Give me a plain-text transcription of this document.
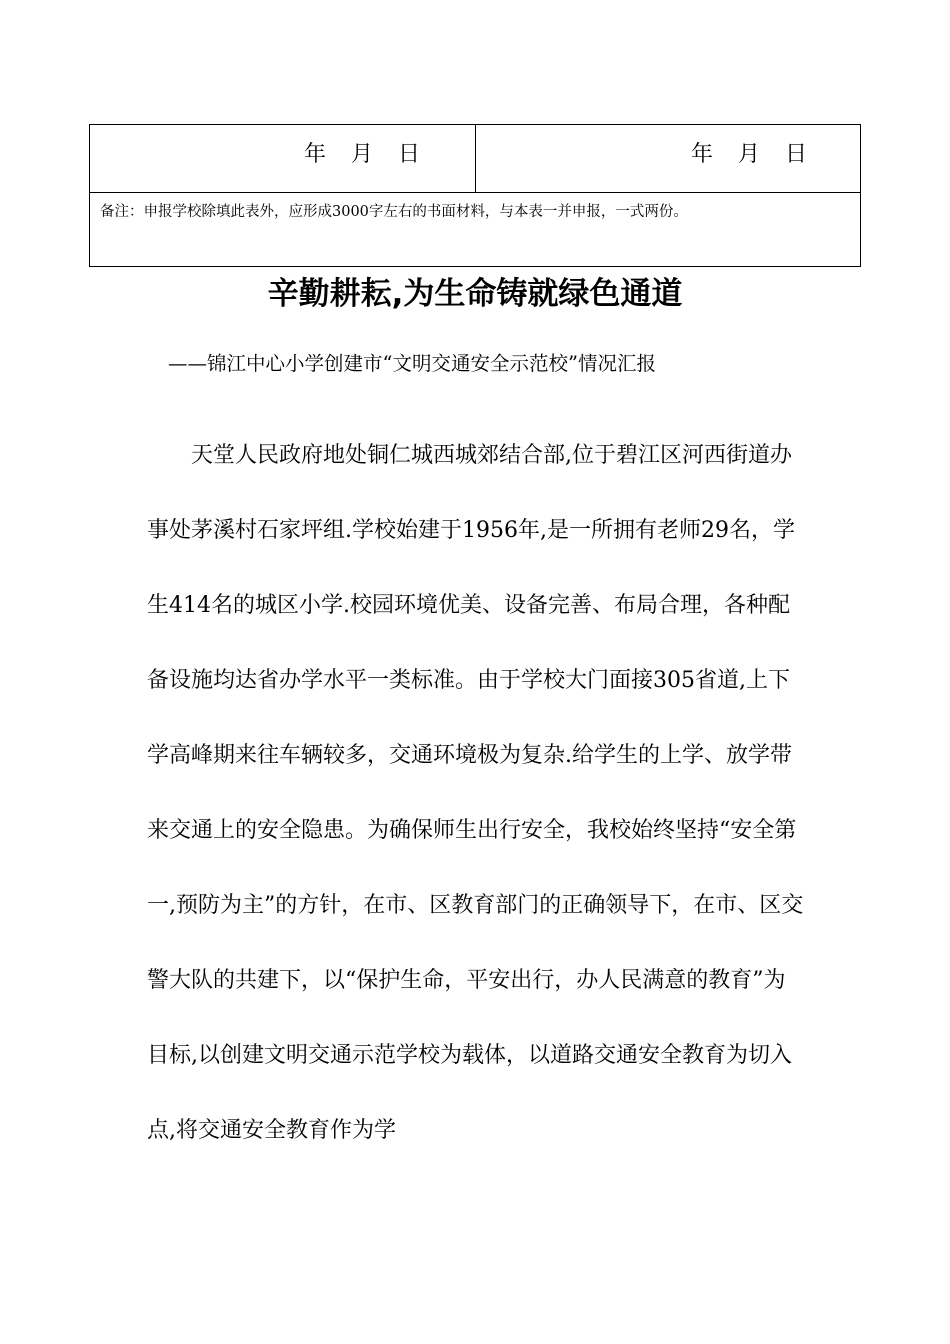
年   月   日	年   月   日
备注：申报学校除填此表外，应形成3000字左右的书面材料，与本表一并申报，一式两份。
辛勤耕耘,为生命铸就绿色通道
——锦江中心小学创建市“文明交通安全示范校”情况汇报

天堂人民政府地处铜仁城西城郊结合部,位于碧江区河西街道办事处茅溪村石家坪组.学校始建于1956年,是一所拥有老师29名，学生414名的城区小学.校园环境优美、设备完善、布局合理，各种配备设施均达省办学水平一类标准。由于学校大门面接305省道,上下学高峰期来往车辆较多，交通环境极为复杂.给学生的上学、放学带来交通上的安全隐患。为确保师生出行安全，我校始终坚持“安全第一,预防为主”的方针，在市、区教育部门的正确领导下，在市、区交警大队的共建下，以“保护生命，平安出行，办人民满意的教育”为目标,以创建文明交通示范学校为载体，以道路交通安全教育为切入点,将交通安全教育作为学
